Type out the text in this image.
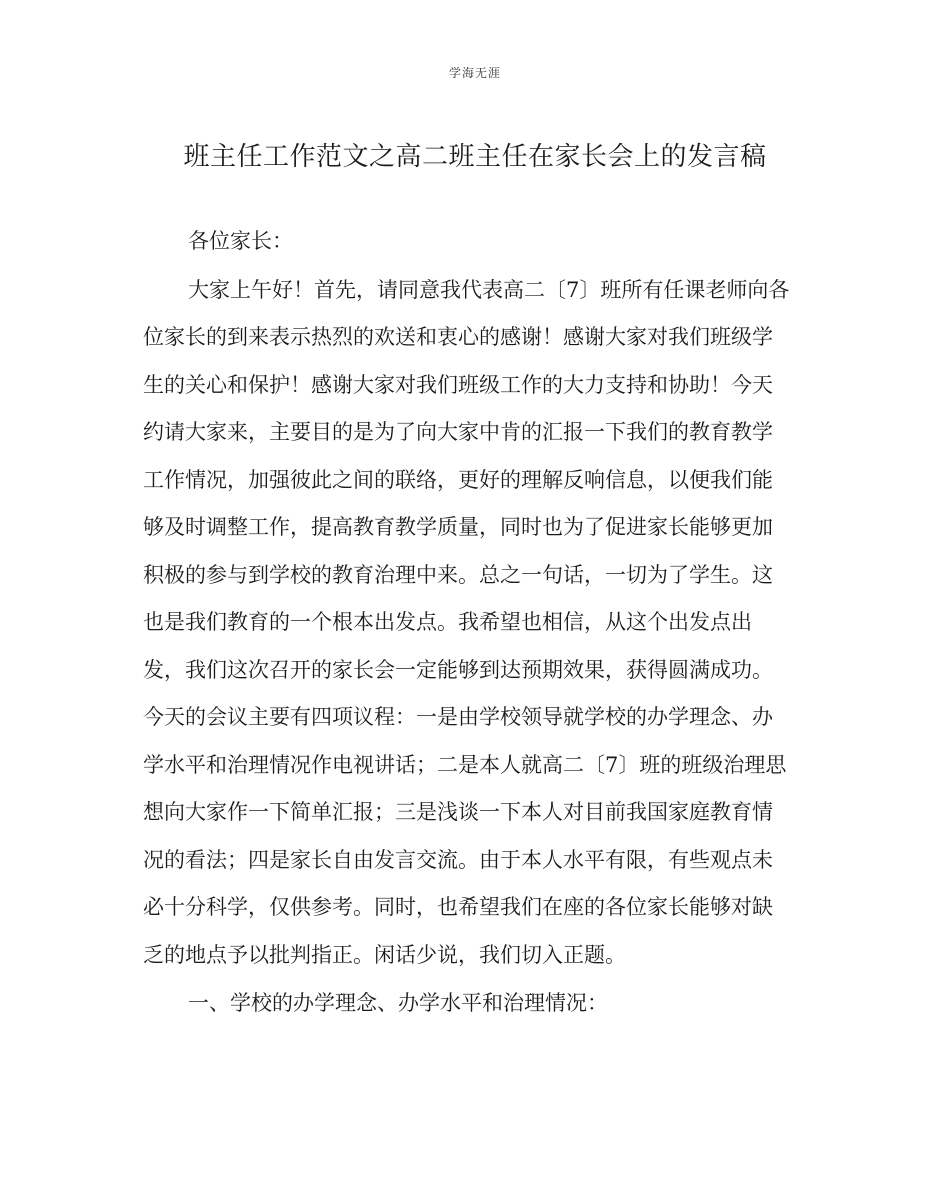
学海无涯
班主任工作范文之高二班主任在家长会上的发言稿

各位家长：

大家上午好！首先，请同意我代表高二〔7〕班所有任课老师向各
位家长的到来表示热烈的欢送和衷心的感谢！感谢大家对我们班级学
生的关心和保护！感谢大家对我们班级工作的大力支持和协助！今天
约请大家来，主要目的是为了向大家中肯的汇报一下我们的教育教学
工作情况，加强彼此之间的联络，更好的理解反响信息，以便我们能
够及时调整工作，提高教育教学质量，同时也为了促进家长能够更加
积极的参与到学校的教育治理中来。总之一句话，一切为了学生。这
也是我们教育的一个根本出发点。我希望也相信，从这个出发点出
发，我们这次召开的家长会一定能够到达预期效果，获得圆满成功。
今天的会议主要有四项议程：一是由学校领导就学校的办学理念、办
学水平和治理情况作电视讲话；二是本人就高二〔7〕班的班级治理思
想向大家作一下简单汇报；三是浅谈一下本人对目前我国家庭教育情
况的看法；四是家长自由发言交流。由于本人水平有限，有些观点未
必十分科学，仅供参考。同时，也希望我们在座的各位家长能够对缺
乏的地点予以批判指正。闲话少说，我们切入正题。

一、学校的办学理念、办学水平和治理情况：
